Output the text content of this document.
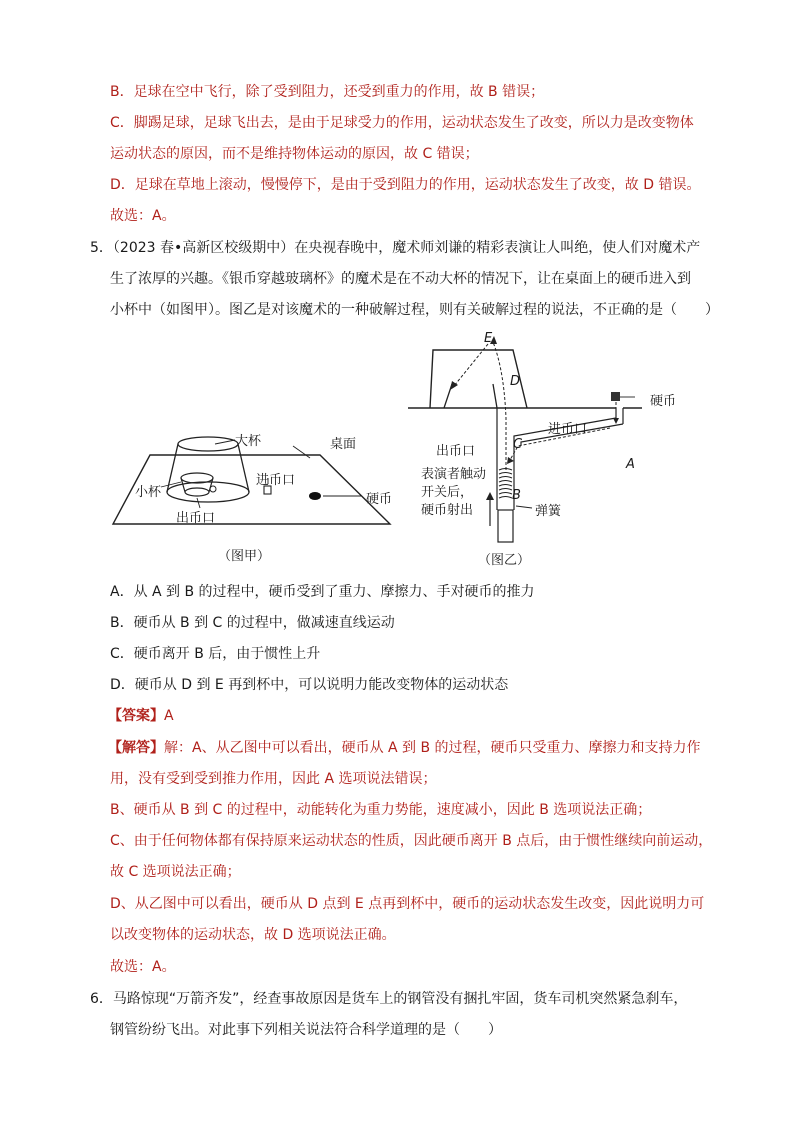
B．足球在空中飞行，除了受到阻力，还受到重力的作用，故 B 错误；
C．脚踢足球，足球飞出去，是由于足球受力的作用，运动状态发生了改变，所以力是改变物体
运动状态的原因，而不是维持物体运动的原因，故 C 错误；
D．足球在草地上滚动，慢慢停下，是由于受到阻力的作用，运动状态发生了改变，故 D 错误。
故选：A。
5．（2023 春•高新区校级期中）在央视春晚中，魔术师刘谦的精彩表演让人叫绝，使人们对魔术产
生了浓厚的兴趣。《银币穿越玻璃杯》的魔术是在不动大杯的情况下，让在桌面上的硬币进入到
小杯中（如图甲）。图乙是对该魔术的一种破解过程，则有关破解过程的说法，不正确的是（　　）
大杯	桌面
小杯
进币口
硬币
出币口
（图甲）
E
D
C
B
A
硬币
进币口
出币口
表演者触动
开关后，
硬币射出	弹簧
（图乙）
A．从 A 到 B 的过程中，硬币受到了重力、摩擦力、手对硬币的推力
B．硬币从 B 到 C 的过程中，做减速直线运动
C．硬币离开 B 后，由于惯性上升
D．硬币从 D 到 E 再到杯中，可以说明力能改变物体的运动状态
【答案】A
【解答】解：A、从乙图中可以看出，硬币从 A 到 B 的过程，硬币只受重力、摩擦力和支持力作
用，没有受到受到推力作用，因此 A 选项说法错误；
B、硬币从 B 到 C 的过程中，动能转化为重力势能，速度减小，因此 B 选项说法正确；
C、由于任何物体都有保持原来运动状态的性质，因此硬币离开 B 点后，由于惯性继续向前运动，
故 C 选项说法正确；
D、从乙图中可以看出，硬币从 D 点到 E 点再到杯中，硬币的运动状态发生改变，因此说明力可
以改变物体的运动状态，故 D 选项说法正确。
故选：A。
6．马路惊现“万箭齐发”，经查事故原因是货车上的钢管没有捆扎牢固，货车司机突然紧急刹车，
钢管纷纷飞出。对此事下列相关说法符合科学道理的是（　　）
